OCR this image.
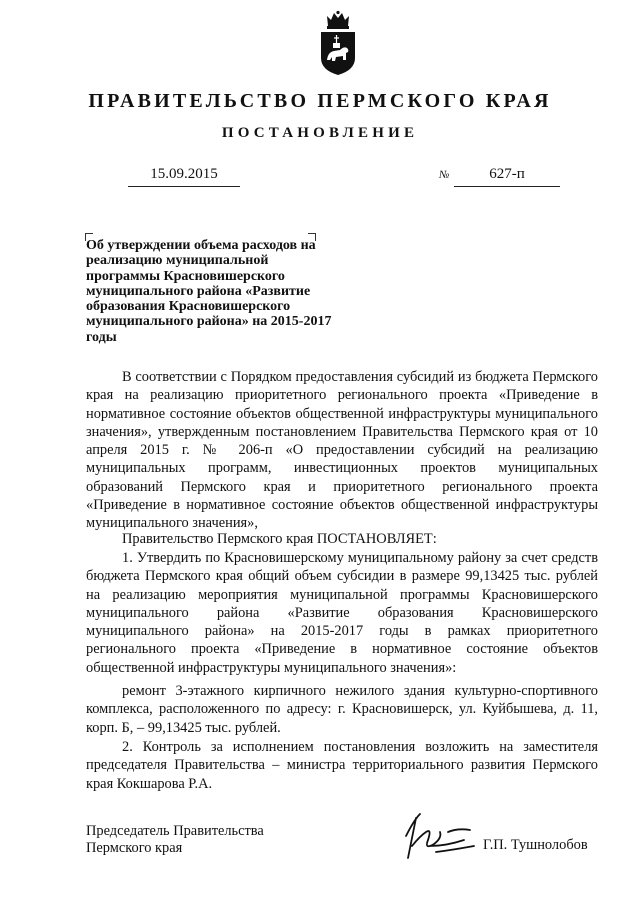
ПРАВИТЕЛЬСТВО ПЕРМСКОГО КРАЯ
ПОСТАНОВЛЕНИЕ
15.09.2015	№	627-п
Об утверждении объема расходов на реализацию муниципальной программы Красновишерского муниципального района «Развитие образования Красновишерского муниципального района» на 2015-2017 годы
В соответствии с Порядком предоставления субсидий из бюджета Пермского края на реализацию приоритетного регионального проекта «Приведение в нормативное состояние объектов общественной инфраструктуры муниципального значения», утвержденным постановлением Правительства Пермского края от 10 апреля 2015 г. № 206-п «О предоставлении субсидий на реализацию муниципальных программ, инвестиционных проектов муниципальных образований Пермского края и приоритетного регионального проекта «Приведение в нормативное состояние объектов общественной инфраструктуры муниципального значения»,
Правительство Пермского края ПОСТАНОВЛЯЕТ:
1. Утвердить по Красновишерскому муниципальному району за счет средств бюджета Пермского края общий объем субсидии в размере 99,13425 тыс. рублей на реализацию мероприятия муниципальной программы Красновишерского муниципального района «Развитие образования Красновишерского муниципального района» на 2015-2017 годы в рамках приоритетного регионального проекта «Приведение в нормативное состояние объектов общественной инфраструктуры муниципального значения»:
ремонт 3-этажного кирпичного нежилого здания культурно-спортивного комплекса, расположенного по адресу: г. Красновишерск, ул. Куйбышева, д. 11, корп. Б, – 99,13425 тыс. рублей.
2. Контроль за исполнением постановления возложить на заместителя председателя Правительства – министра территориального развития Пермского края Кокшарова Р.А.
Председатель Правительства
Пермского края	Г.П. Тушнолобов
